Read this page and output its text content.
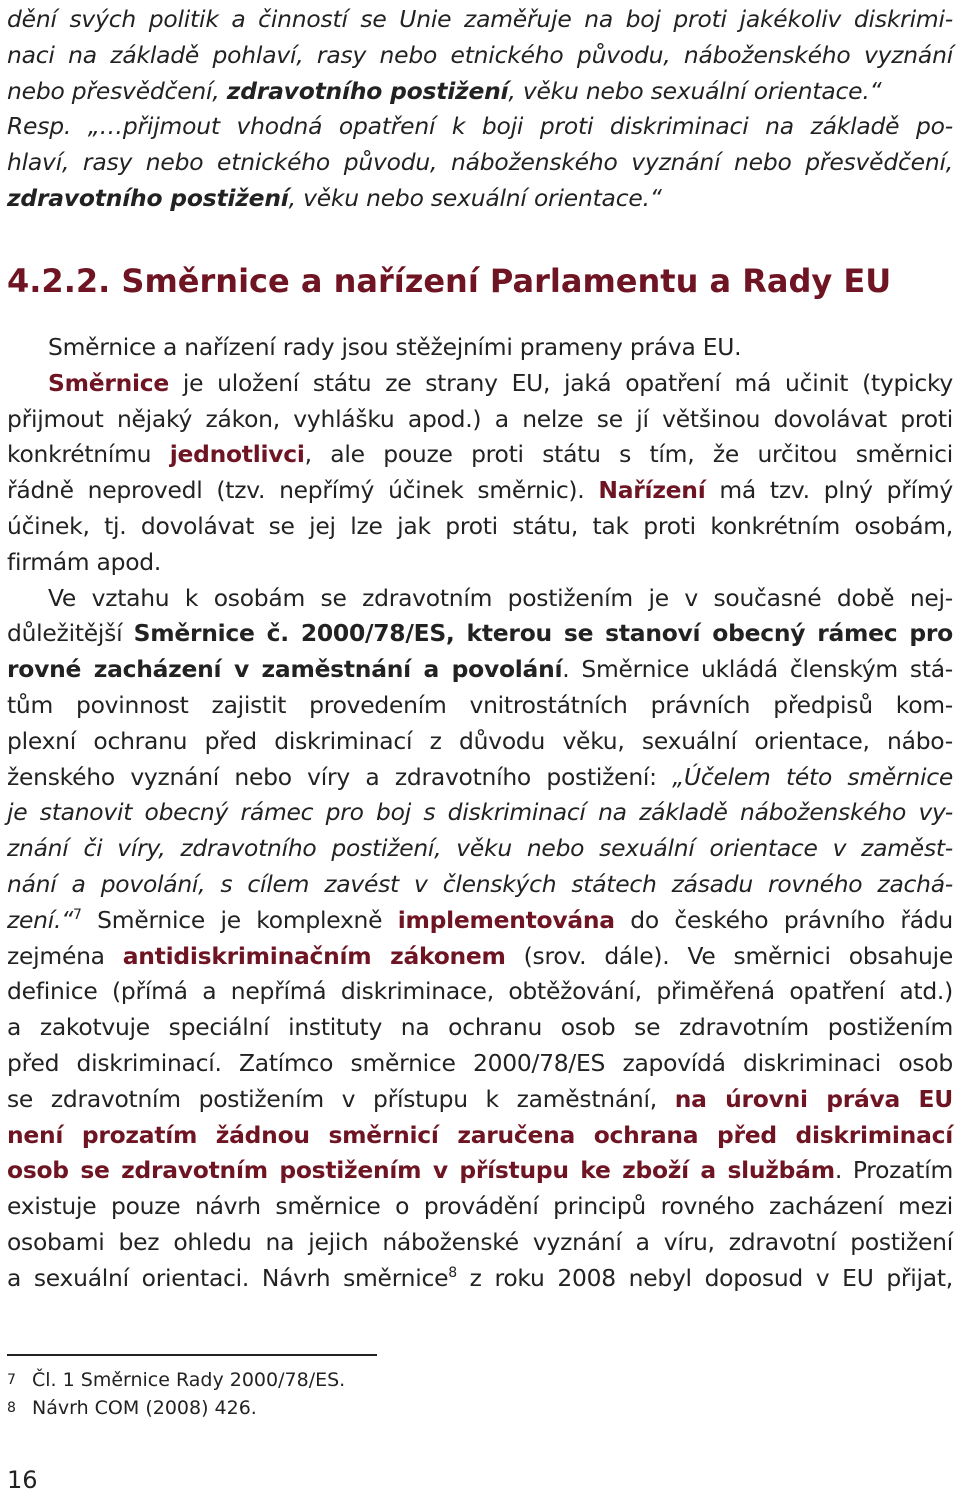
dění svých politik a činností se Unie zaměřuje na boj proti jakékoliv diskrimi-
naci na základě pohlaví, rasy nebo etnického původu, náboženského vyznání
nebo přesvědčení, zdravotního postižení, věku nebo sexuální orientace.“
Resp. „…přijmout vhodná opatření k boji proti diskriminaci na základě po-
hlaví, rasy nebo etnického původu, náboženského vyznání nebo přesvědčení,
zdravotního postižení, věku nebo sexuální orientace.“
4.2.2. Směrnice a nařízení Parlamentu a Rady EU
Směrnice a nařízení rady jsou stěžejními prameny práva EU.
Směrnice je uložení státu ze strany EU, jaká opatření má učinit (typicky
přijmout nějaký zákon, vyhlášku apod.) a nelze se jí většinou dovolávat proti
konkrétnímu jednotlivci, ale pouze proti státu s tím, že určitou směrnici
řádně neprovedl (tzv. nepřímý účinek směrnic). Nařízení má tzv. plný přímý
účinek, tj. dovolávat se jej lze jak proti státu, tak proti konkrétním osobám,
firmám apod.
Ve vztahu k osobám se zdravotním postižením je v současné době nej-
důležitější Směrnice č. 2000/78/ES, kterou se stanoví obecný rámec pro
rovné zacházení v zaměstnání a povolání. Směrnice ukládá členským stá-
tům povinnost zajistit provedením vnitrostátních právních předpisů kom-
plexní ochranu před diskriminací z důvodu věku, sexuální orientace, nábo-
ženského vyznání nebo víry a zdravotního postižení: „Účelem této směrnice
je stanovit obecný rámec pro boj s diskriminací na základě náboženského vy-
znání či víry, zdravotního postižení, věku nebo sexuální orientace v zaměst-
nání a povolání, s cílem zavést v členských státech zásadu rovného zachá-
zení.“$^7$ Směrnice je komplexně implementována do českého právního řádu
zejména antidiskriminačním zákonem (srov. dále). Ve směrnici obsahuje
definice (přímá a nepřímá diskriminace, obtěžování, přiměřená opatření atd.)
a zakotvuje speciální instituty na ochranu osob se zdravotním postižením
před diskriminací. Zatímco směrnice 2000/78/ES zapovídá diskriminaci osob
se zdravotním postižením v přístupu k zaměstnání, na úrovni práva EU
není prozatím žádnou směrnicí zaručena ochrana před diskriminací
osob se zdravotním postižením v přístupu ke zboží a službám. Prozatím
existuje pouze návrh směrnice o provádění principů rovného zacházení mezi
osobami bez ohledu na jejich náboženské vyznání a víru, zdravotní postižení
a sexuální orientaci. Návrh směrnice$^8$ z roku 2008 nebyl doposud v EU přijat,
7 Čl. 1 Směrnice Rady 2000/78/ES.
8 Návrh COM (2008) 426.
16
